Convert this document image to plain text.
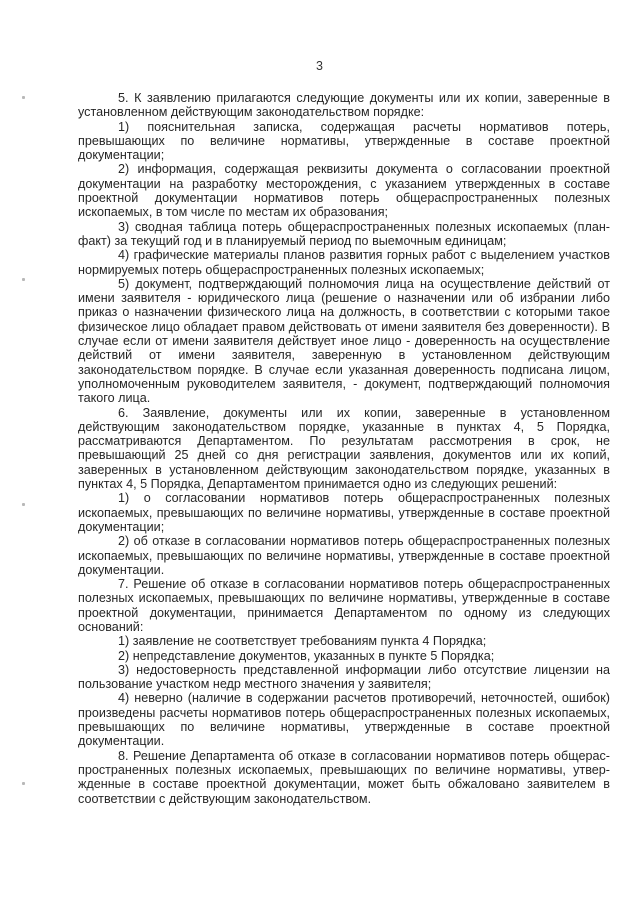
3

5. К заявлению прилагаются следующие документы или их копии, заверенные в установленном действующим законодательством порядке:

1) пояснительная записка, содержащая расчеты нормативов потерь, превышающих по величине нормативы, утвержденные в составе проектной документации;

2) информация, содержащая реквизиты документа о согласовании проектной документации на разработку месторождения, с указанием утвержденных в составе проектной документации нормативов потерь общераспространенных полезных ископаемых, в том числе по местам их образования;

3) сводная таблица потерь общераспространенных полезных ископаемых (план-факт) за текущий год и в планируемый период по выемочным единицам;

4) графические материалы планов развития горных работ с выделением участков нормируемых потерь общераспространенных полезных ископаемых;

5) документ, подтверждающий полномочия лица на осуществление действий от имени заявителя - юридического лица (решение о назначении или об избрании либо приказ о назначении физического лица на должность, в соответствии с которыми такое физическое лицо обладает правом действовать от имени заявителя без доверенности). В случае если от имени заявителя действует иное лицо - доверенность на осуществление действий от имени заявителя, заверенную в установленном действующим законодательством порядке. В случае если указанная доверенность подписана лицом, уполномоченным руководителем заявителя, - документ, подтверждающий полномочия такого лица.

6. Заявление, документы или их копии, заверенные в установленном действующим законодательством порядке, указанные в пунктах 4, 5 Порядка, рассматриваются Департаментом. По результатам рассмотрения в срок, не превышающий 25 дней со дня регистрации заявления, документов или их копий, заверенных в установленном действующим законодательством порядке, указанных в пунктах 4, 5 Порядка, Департаментом принимается одно из следующих решений:

1) о согласовании нормативов потерь общераспространенных полезных ископаемых, превышающих по величине нормативы, утвержденные в составе проектной документации;

2) об отказе в согласовании нормативов потерь общераспространенных полезных ископаемых, превышающих по величине нормативы, утвержденные в составе проектной документации.

7. Решение об отказе в согласовании нормативов потерь общераспространенных полезных ископаемых, превышающих по величине нормативы, утвержденные в составе проектной документации, принимается Департаментом по одному из следующих оснований:

1) заявление не соответствует требованиям пункта 4 Порядка;

2) непредставление документов, указанных в пункте 5 Порядка;

3) недостоверность представленной информации либо отсутствие лицензии на пользование участком недр местного значения у заявителя;

4) неверно (наличие в содержании расчетов противоречий, неточностей, ошибок) произведены расчеты нормативов потерь общераспространенных полезных ископаемых, превышающих по величине нормативы, утвержденные в составе проектной документации.

8. Решение Департамента об отказе в согласовании нормативов потерь общераспространенных полезных ископаемых, превышающих по величине нормативы, утвержденные в составе проектной документации, может быть обжаловано заявителем в соответствии с действующим законодательством.
